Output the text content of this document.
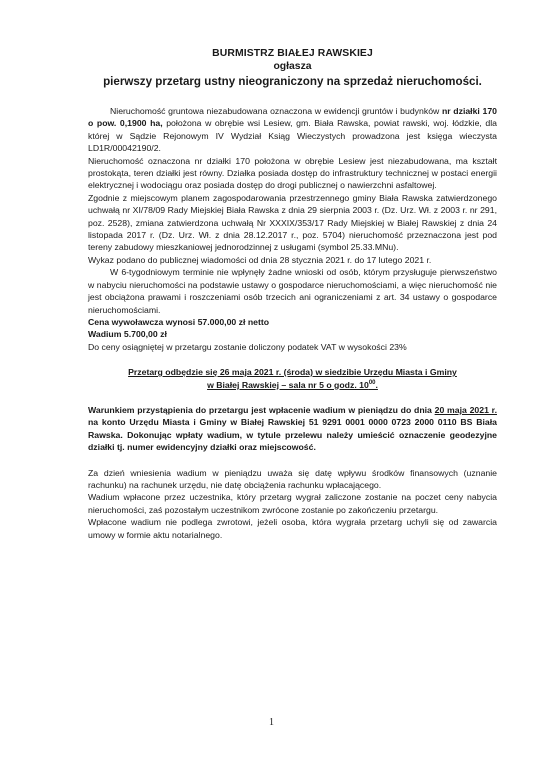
BURMISTRZ BIAŁEJ RAWSKIEJ
ogłasza
pierwszy przetarg ustny nieograniczony na sprzedaż nieruchomości.

Nieruchomość gruntowa niezabudowana oznaczona w ewidencji gruntów i budynków nr działki 170 o pow. 0,1900 ha, położona w obrębie wsi Lesiew, gm. Biała Rawska, powiat rawski, woj. łódzkie, dla której w Sądzie Rejonowym IV Wydział Ksiąg Wieczystych prowadzona jest księga wieczysta LD1R/00042190/2.

Nieruchomość oznaczona nr działki 170 położona w obrębie Lesiew jest niezabudowana, ma kształt prostokąta, teren działki jest równy. Działka posiada dostęp do infrastruktury technicznej w postaci energii elektrycznej i wodociągu oraz posiada dostęp do drogi publicznej o nawierzchni asfaltowej.

Zgodnie z miejscowym planem zagospodarowania przestrzennego gminy Biała Rawska zatwierdzonego uchwałą nr XI/78/09 Rady Miejskiej Biała Rawska z dnia 29 sierpnia 2003 r. (Dz. Urz. Wł. z 2003 r. nr 291, poz. 2528), zmiana zatwierdzona uchwałą Nr XXXIX/353/17 Rady Miejskiej w Białej Rawskiej z dnia 24 listopada 2017 r. (Dz. Urz. Wł. z dnia 28.12.2017 r., poz. 5704) nieruchomość przeznaczona jest pod tereny zabudowy mieszkaniowej jednorodzinnej z usługami (symbol 25.33.MNu).

Wykaz podano do publicznej wiadomości od dnia 28 stycznia 2021 r. do 17 lutego 2021 r.

W 6-tygodniowym terminie nie wpłynęły żadne wnioski od osób, którym przysługuje pierwszeństwo w nabyciu nieruchomości na podstawie ustawy o gospodarce nieruchomościami, a więc nieruchomość nie jest obciążona prawami i roszczeniami osób trzecich ani ograniczeniami z art. 34 ustawy o gospodarce nieruchomościami.

Cena wywoławcza wynosi 57.000,00 zł netto

Wadium 5.700,00 zł

Do ceny osiągniętej w przetargu zostanie doliczony podatek VAT w wysokości 23%

Przetarg odbędzie się 26 maja 2021 r. (środa) w siedzibie Urzędu Miasta i Gminy
w Białej Rawskiej – sala nr 5 o godz. $10^{00}$.

Warunkiem przystąpienia do przetargu jest wpłacenie wadium w pieniądzu do dnia 20 maja 2021 r. na konto Urzędu Miasta i Gminy w Białej Rawskiej 51 9291 0001 0000 0723 2000 0110 BS Biała Rawska. Dokonując wpłaty wadium, w tytule przelewu należy umieścić oznaczenie geodezyjne działki tj. numer ewidencyjny działki oraz miejscowość.

Za dzień wniesienia wadium w pieniądzu uważa się datę wpływu środków finansowych (uznanie rachunku) na rachunek urzędu, nie datę obciążenia rachunku wpłacającego.

Wadium wpłacone przez uczestnika, który przetarg wygrał zaliczone zostanie na poczet ceny nabycia nieruchomości, zaś pozostałym uczestnikom zwrócone zostanie po zakończeniu przetargu.

Wpłacone wadium nie podlega zwrotowi, jeżeli osoba, która wygrała przetarg uchyli się od zawarcia umowy w formie aktu notarialnego.

1
